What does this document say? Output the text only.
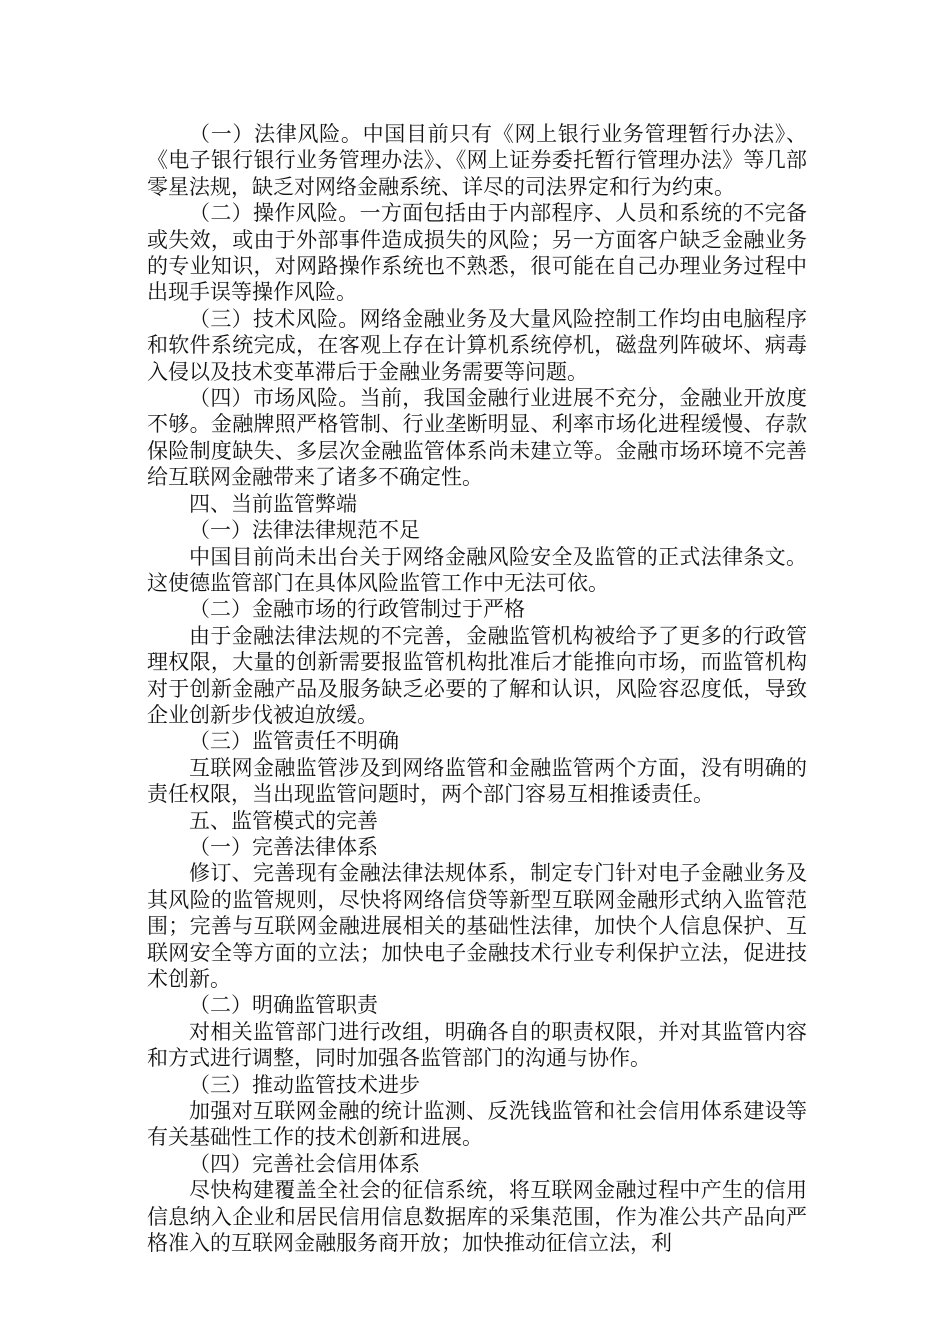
（一）法律风险。中国目前只有《网上银行业务管理暂行办法》、《电子银行银行业务管理办法》、《网上证券委托暂行管理办法》等几部零星法规，缺乏对网络金融系统、详尽的司法界定和行为约束。

（二）操作风险。一方面包括由于内部程序、人员和系统的不完备或失效，或由于外部事件造成损失的风险；另一方面客户缺乏金融业务的专业知识，对网路操作系统也不熟悉，很可能在自己办理业务过程中出现手误等操作风险。

（三）技术风险。网络金融业务及大量风险控制工作均由电脑程序和软件系统完成，在客观上存在计算机系统停机，磁盘列阵破坏、病毒入侵以及技术变革滞后于金融业务需要等问题。

（四）市场风险。当前，我国金融行业进展不充分，金融业开放度不够。金融牌照严格管制、行业垄断明显、利率市场化进程缓慢、存款保险制度缺失、多层次金融监管体系尚未建立等。金融市场环境不完善给互联网金融带来了诸多不确定性。

四、当前监管弊端

（一）法律法律规范不足

中国目前尚未出台关于网络金融风险安全及监管的正式法律条文。这使德监管部门在具体风险监管工作中无法可依。

（二）金融市场的行政管制过于严格

由于金融法律法规的不完善，金融监管机构被给予了更多的行政管理权限，大量的创新需要报监管机构批准后才能推向市场，而监管机构对于创新金融产品及服务缺乏必要的了解和认识，风险容忍度低，导致企业创新步伐被迫放缓。

（三）监管责任不明确

互联网金融监管涉及到网络监管和金融监管两个方面，没有明确的责任权限，当出现监管问题时，两个部门容易互相推诿责任。

五、监管模式的完善

（一）完善法律体系

修订、完善现有金融法律法规体系，制定专门针对电子金融业务及其风险的监管规则，尽快将网络信贷等新型互联网金融形式纳入监管范围；完善与互联网金融进展相关的基础性法律，加快个人信息保护、互联网安全等方面的立法；加快电子金融技术行业专利保护立法，促进技术创新。

（二）明确监管职责

对相关监管部门进行改组，明确各自的职责权限，并对其监管内容和方式进行调整，同时加强各监管部门的沟通与协作。

（三）推动监管技术进步

加强对互联网金融的统计监测、反洗钱监管和社会信用体系建设等有关基础性工作的技术创新和进展。

（四）完善社会信用体系

尽快构建覆盖全社会的征信系统，将互联网金融过程中产生的信用信息纳入企业和居民信用信息数据库的采集范围，作为准公共产品向严格准入的互联网金融服务商开放；加快推动征信立法，利
